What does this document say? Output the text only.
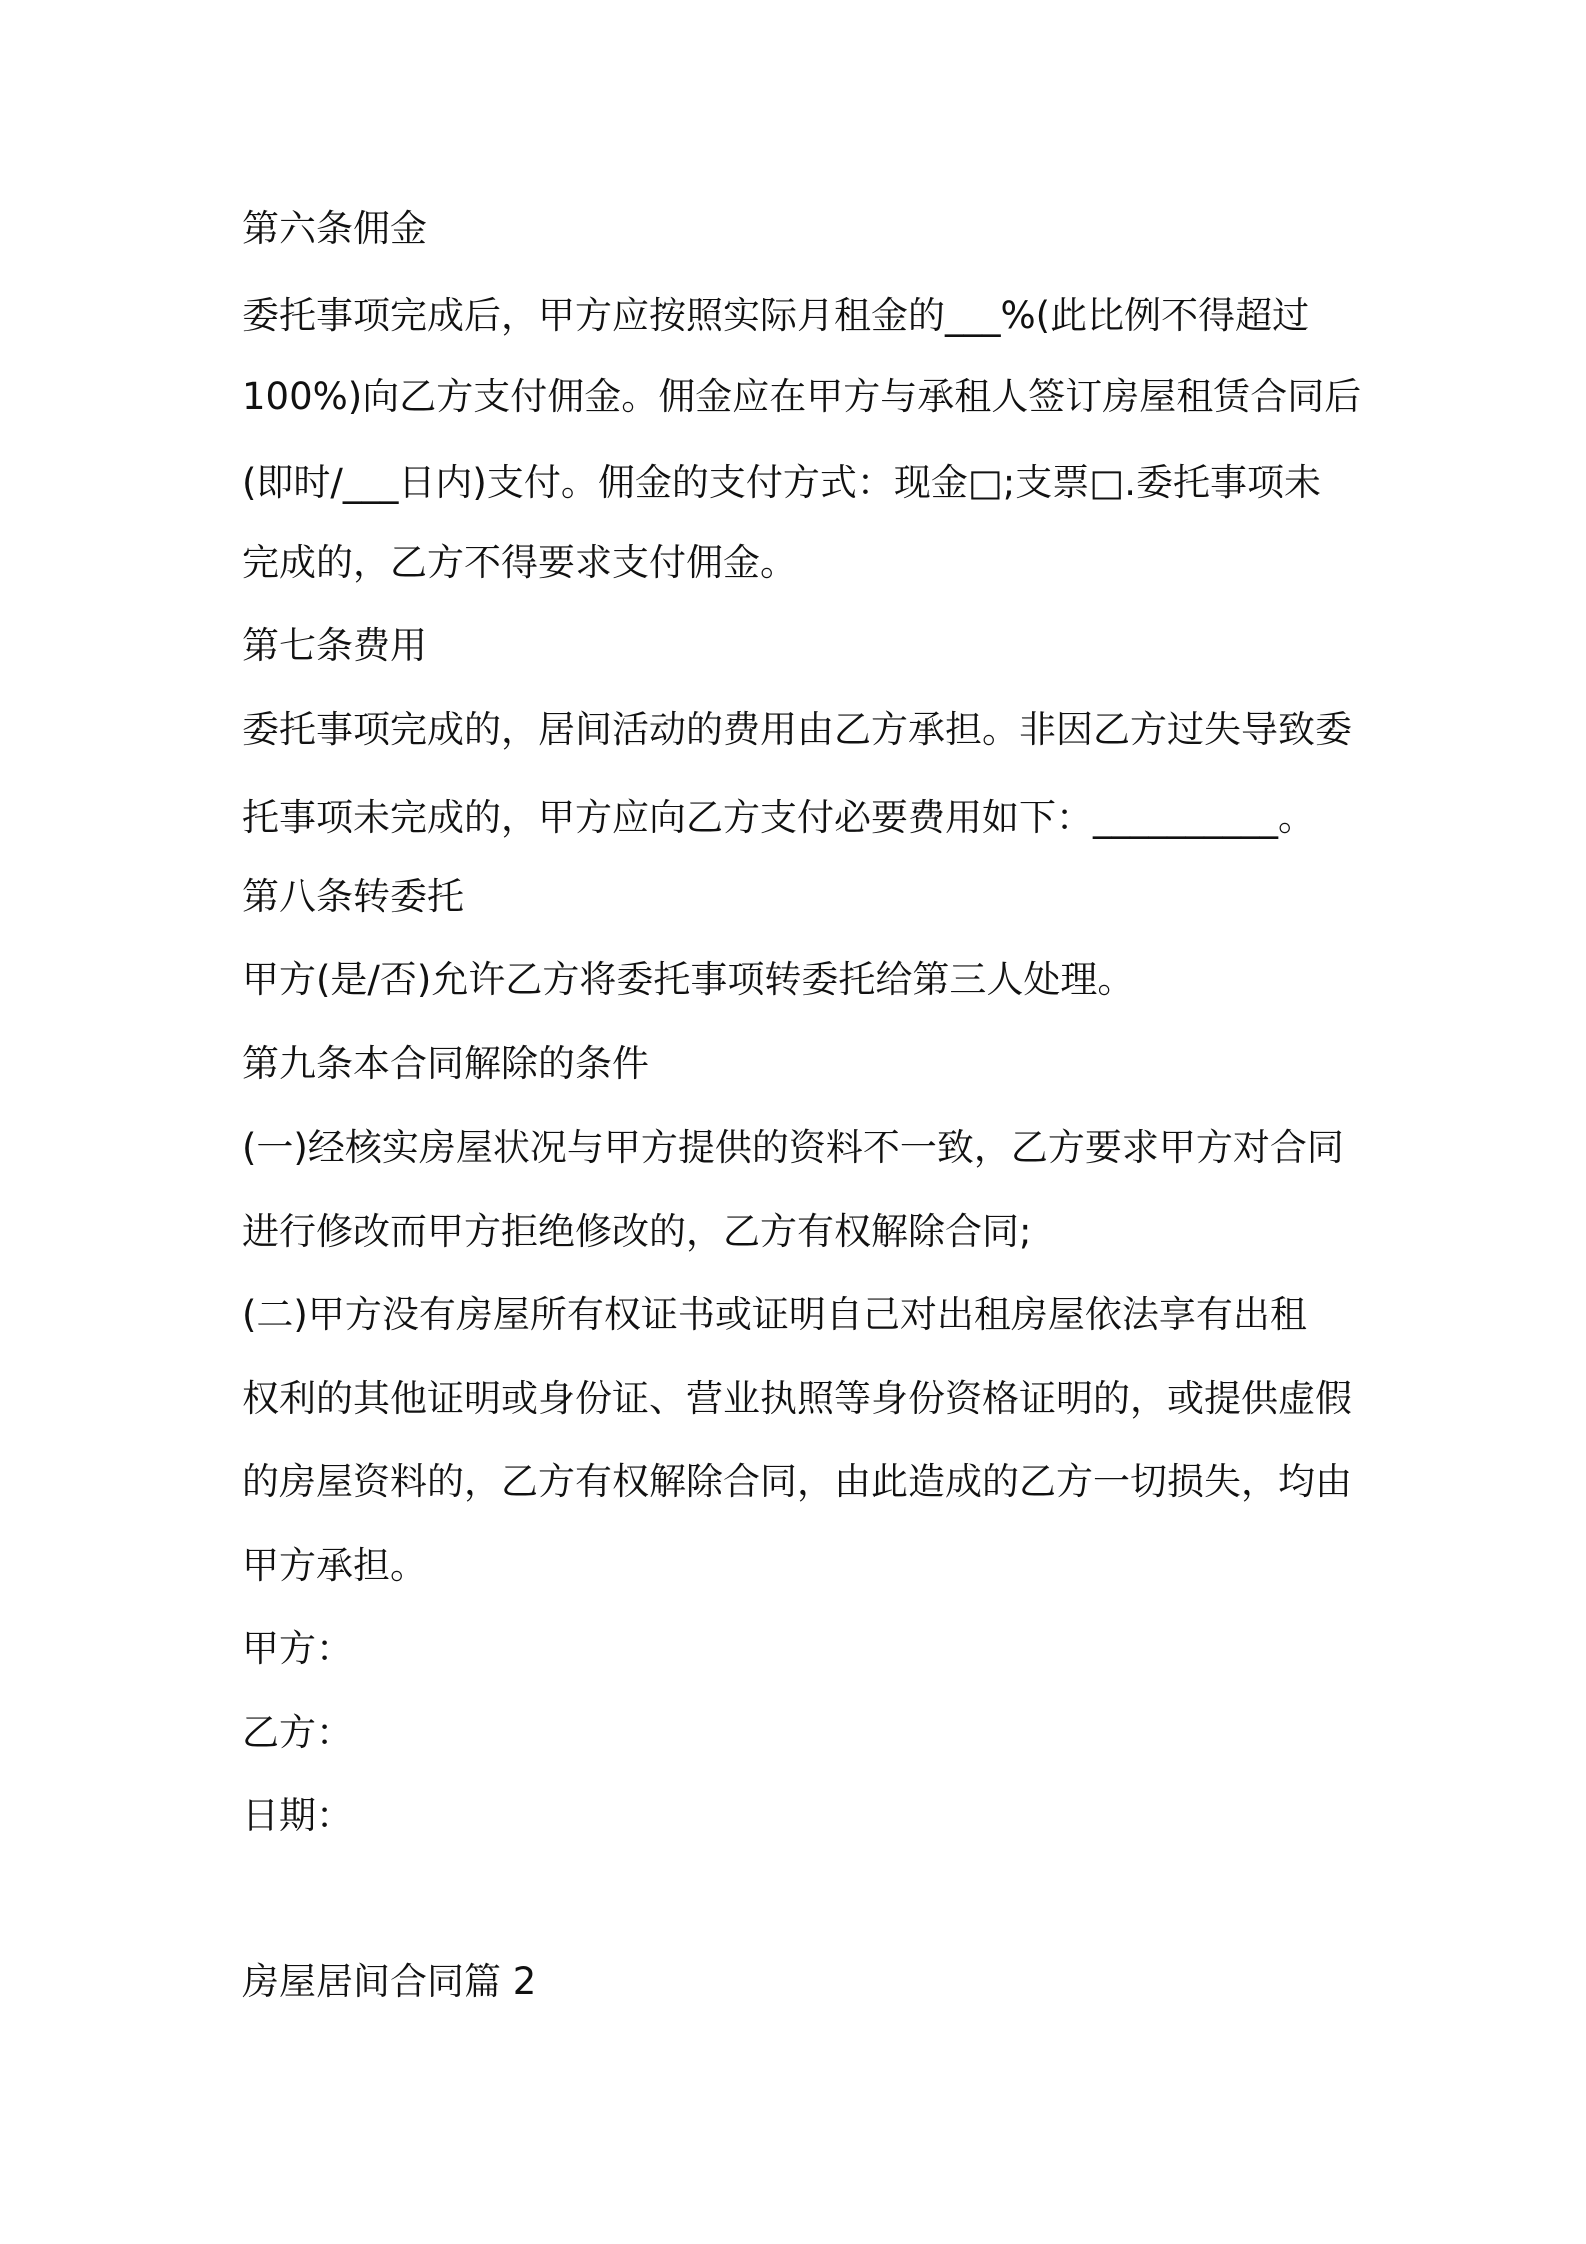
第六条佣金
委托事项完成后，甲方应按照实际月租金的___%(此比例不得超过
100%)向乙方支付佣金。佣金应在甲方与承租人签订房屋租赁合同后
(即时/___日内)支付。佣金的支付方式：现金□;支票□.委托事项未
完成的，乙方不得要求支付佣金。
第七条费用
委托事项完成的，居间活动的费用由乙方承担。非因乙方过失导致委
托事项未完成的，甲方应向乙方支付必要费用如下：__________。
第八条转委托
甲方(是/否)允许乙方将委托事项转委托给第三人处理。
第九条本合同解除的条件
(一)经核实房屋状况与甲方提供的资料不一致，乙方要求甲方对合同
进行修改而甲方拒绝修改的，乙方有权解除合同;
(二)甲方没有房屋所有权证书或证明自己对出租房屋依法享有出租
权利的其他证明或身份证、营业执照等身份资格证明的，或提供虚假
的房屋资料的，乙方有权解除合同，由此造成的乙方一切损失，均由
甲方承担。
甲方：
乙方：
日期：
房屋居间合同篇 2
